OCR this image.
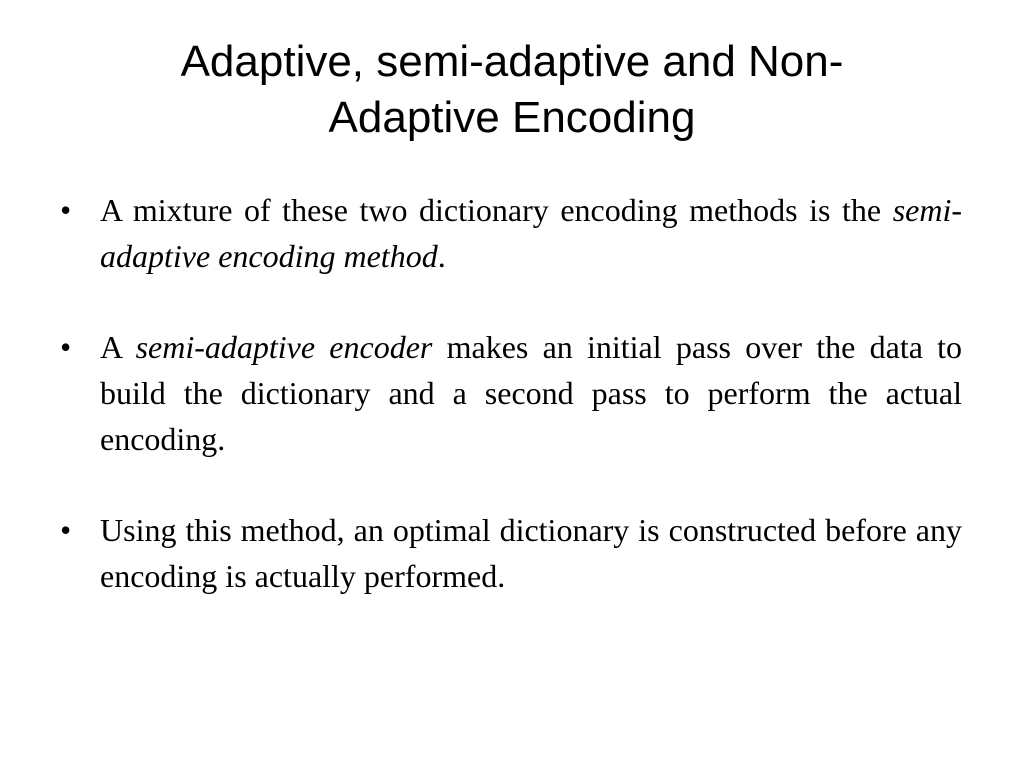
Adaptive, semi-adaptive and Non-
Adaptive Encoding
• A mixture of these two dictionary encoding methods is the semi-adaptive encoding method.
• A semi-adaptive encoder makes an initial pass over the data to build the dictionary and a second pass to perform the actual encoding.
• Using this method, an optimal dictionary is constructed before any encoding is actually performed.
